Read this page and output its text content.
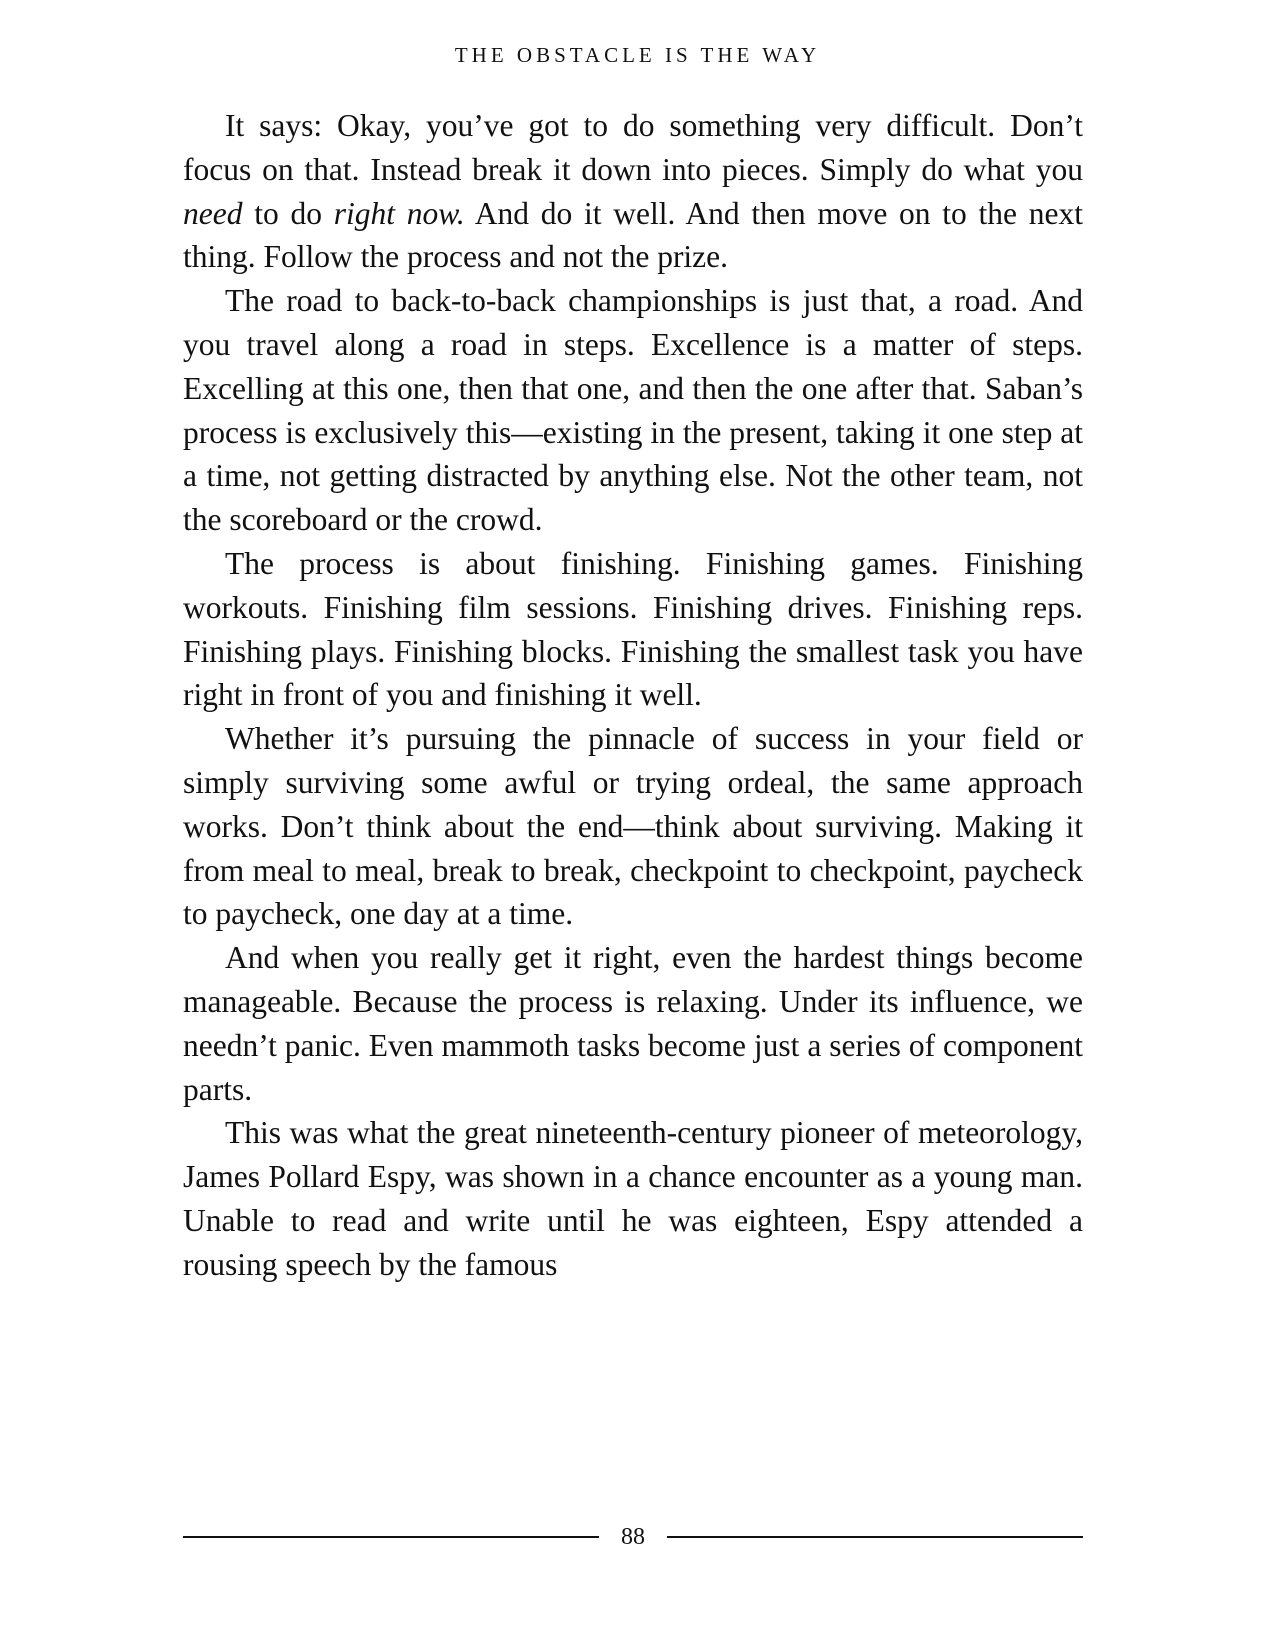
THE OBSTACLE IS THE WAY

It says: Okay, you’ve got to do something very difficult. Don’t focus on that. Instead break it down into pieces. Simply do what you need to do right now. And do it well. And then move on to the next thing. Follow the process and not the prize.

The road to back-to-back championships is just that, a road. And you travel along a road in steps. Excellence is a matter of steps. Excelling at this one, then that one, and then the one after that. Saban’s process is exclusively this—existing in the present, taking it one step at a time, not getting distracted by anything else. Not the other team, not the scoreboard or the crowd.

The process is about finishing. Finishing games. Finishing workouts. Finishing film sessions. Finishing drives. Finishing reps. Finishing plays. Finishing blocks. Finishing the smallest task you have right in front of you and finishing it well.

Whether it’s pursuing the pinnacle of success in your field or simply surviving some awful or trying ordeal, the same approach works. Don’t think about the end—think about surviving. Making it from meal to meal, break to break, checkpoint to checkpoint, paycheck to paycheck, one day at a time.

And when you really get it right, even the hardest things become manageable. Because the process is relaxing. Under its influence, we needn’t panic. Even mammoth tasks become just a series of component parts.

This was what the great nineteenth-century pioneer of meteorology, James Pollard Espy, was shown in a chance encounter as a young man. Unable to read and write until he was eighteen, Espy attended a rousing speech by the famous

88
